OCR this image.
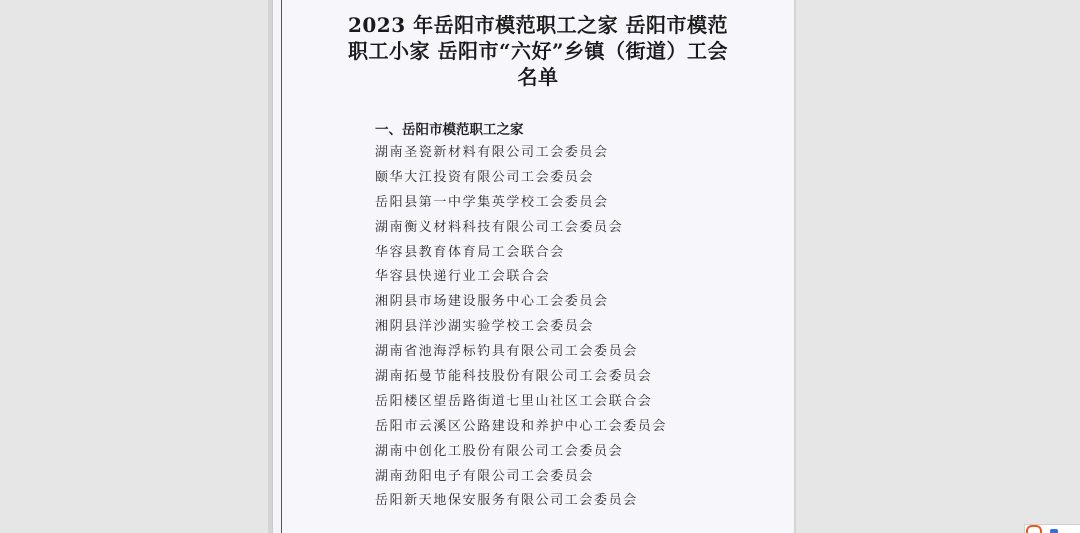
2023 年岳阳市模范职工之家 岳阳市模范
职工小家 岳阳市“六好”乡镇（街道）工会
名单
一、岳阳市模范职工之家
湖南圣瓷新材料有限公司工会委员会
颐华大江投资有限公司工会委员会
岳阳县第一中学集英学校工会委员会
湖南衡义材料科技有限公司工会委员会
华容县教育体育局工会联合会
华容县快递行业工会联合会
湘阴县市场建设服务中心工会委员会
湘阴县洋沙湖实验学校工会委员会
湖南省池海浮标钓具有限公司工会委员会
湖南拓曼节能科技股份有限公司工会委员会
岳阳楼区望岳路街道七里山社区工会联合会
岳阳市云溪区公路建设和养护中心工会委员会
湖南中创化工股份有限公司工会委员会
湖南劲阳电子有限公司工会委员会
岳阳新天地保安服务有限公司工会委员会
